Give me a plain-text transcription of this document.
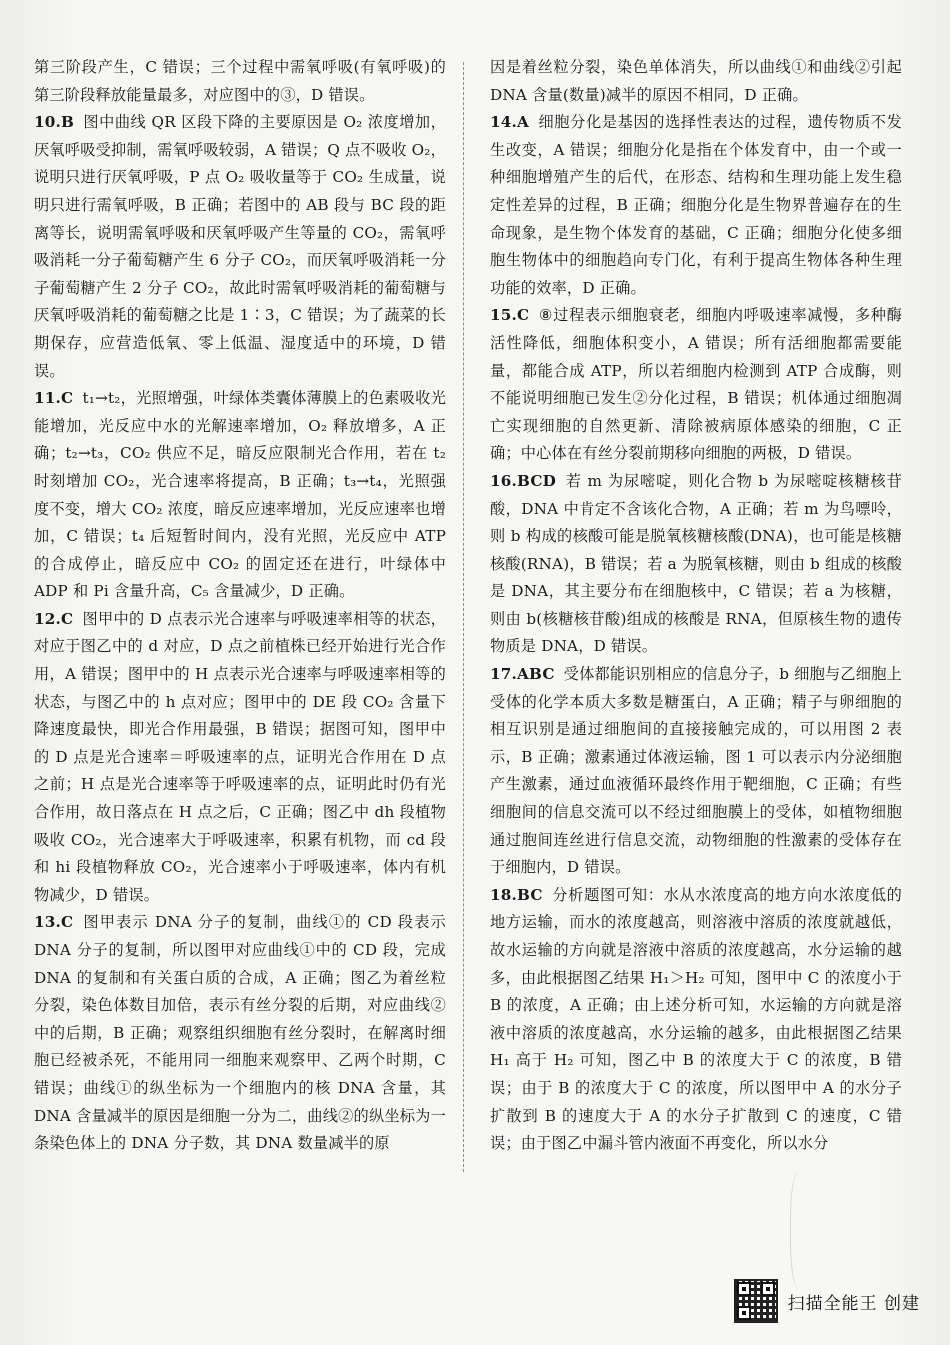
第三阶段产生，C 错误；三个过程中需氧呼吸(有氧呼吸)的第三阶段释放能量最多，对应图中的③，D 错误。

10.B 图中曲线 QR 区段下降的主要原因是 O₂ 浓度增加，厌氧呼吸受抑制，需氧呼吸较弱，A 错误；Q 点不吸收 O₂，说明只进行厌氧呼吸，P 点 O₂ 吸收量等于 CO₂ 生成量，说明只进行需氧呼吸，B 正确；若图中的 AB 段与 BC 段的距离等长，说明需氧呼吸和厌氧呼吸产生等量的 CO₂，需氧呼吸消耗一分子葡萄糖产生 6 分子 CO₂，而厌氧呼吸消耗一分子葡萄糖产生 2 分子 CO₂，故此时需氧呼吸消耗的葡萄糖与厌氧呼吸消耗的葡萄糖之比是 1∶3，C 错误；为了蔬菜的长期保存，应营造低氧、零上低温、湿度适中的环境，D 错误。

11.C t₁→t₂，光照增强，叶绿体类囊体薄膜上的色素吸收光能增加，光反应中水的光解速率增加，O₂ 释放增多，A 正确；t₂→t₃，CO₂ 供应不足，暗反应限制光合作用，若在 t₂ 时刻增加 CO₂，光合速率将提高，B 正确；t₃→t₄，光照强度不变，增大 CO₂ 浓度，暗反应速率增加，光反应速率也增加，C 错误；t₄ 后短暂时间内，没有光照，光反应中 ATP 的合成停止，暗反应中 CO₂ 的固定还在进行，叶绿体中 ADP 和 Pi 含量升高，C₅ 含量减少，D 正确。

12.C 图甲中的 D 点表示光合速率与呼吸速率相等的状态，对应于图乙中的 d 对应，D 点之前植株已经开始进行光合作用，A 错误；图甲中的 H 点表示光合速率与呼吸速率相等的状态，与图乙中的 h 点对应；图甲中的 DE 段 CO₂ 含量下降速度最快，即光合作用最强，B 错误；据图可知，图甲中的 D 点是光合速率＝呼吸速率的点，证明光合作用在 D 点之前；H 点是光合速率等于呼吸速率的点，证明此时仍有光合作用，故日落点在 H 点之后，C 正确；图乙中 dh 段植物吸收 CO₂，光合速率大于呼吸速率，积累有机物，而 cd 段和 hi 段植物释放 CO₂，光合速率小于呼吸速率，体内有机物减少，D 错误。

13.C 图甲表示 DNA 分子的复制，曲线①的 CD 段表示 DNA 分子的复制，所以图甲对应曲线①中的 CD 段，完成 DNA 的复制和有关蛋白质的合成，A 正确；图乙为着丝粒分裂，染色体数目加倍，表示有丝分裂的后期，对应曲线②中的后期，B 正确；观察组织细胞有丝分裂时，在解离时细胞已经被杀死，不能用同一细胞来观察甲、乙两个时期，C 错误；曲线①的纵坐标为一个细胞内的核 DNA 含量，其 DNA 含量减半的原因是细胞一分为二，曲线②的纵坐标为一条染色体上的 DNA 分子数，其 DNA 数量减半的原

因是着丝粒分裂，染色单体消失，所以曲线①和曲线②引起 DNA 含量(数量)减半的原因不相同，D 正确。

14.A 细胞分化是基因的选择性表达的过程，遗传物质不发生改变，A 错误；细胞分化是指在个体发育中，由一个或一种细胞增殖产生的后代，在形态、结构和生理功能上发生稳定性差异的过程，B 正确；细胞分化是生物界普遍存在的生命现象，是生物个体发育的基础，C 正确；细胞分化使多细胞生物体中的细胞趋向专门化，有利于提高生物体各种生理功能的效率，D 正确。

15.C ⑧过程表示细胞衰老，细胞内呼吸速率减慢，多种酶活性降低，细胞体积变小，A 错误；所有活细胞都需要能量，都能合成 ATP，所以若细胞内检测到 ATP 合成酶，则不能说明细胞已发生②分化过程，B 错误；机体通过细胞凋亡实现细胞的自然更新、清除被病原体感染的细胞，C 正确；中心体在有丝分裂前期移向细胞的两极，D 错误。

16.BCD 若 m 为尿嘧啶，则化合物 b 为尿嘧啶核糖核苷酸，DNA 中肯定不含该化合物，A 正确；若 m 为鸟嘌呤，则 b 构成的核酸可能是脱氧核糖核酸(DNA)，也可能是核糖核酸(RNA)，B 错误；若 a 为脱氧核糖，则由 b 组成的核酸是 DNA，其主要分布在细胞核中，C 错误；若 a 为核糖，则由 b(核糖核苷酸)组成的核酸是 RNA，但原核生物的遗传物质是 DNA，D 错误。

17.ABC 受体都能识别相应的信息分子，b 细胞与乙细胞上受体的化学本质大多数是糖蛋白，A 正确；精子与卵细胞的相互识别是通过细胞间的直接接触完成的，可以用图 2 表示，B 正确；激素通过体液运输，图 1 可以表示内分泌细胞产生激素，通过血液循环最终作用于靶细胞，C 正确；有些细胞间的信息交流可以不经过细胞膜上的受体，如植物细胞通过胞间连丝进行信息交流，动物细胞的性激素的受体存在于细胞内，D 错误。

18.BC 分析题图可知：水从水浓度高的地方向水浓度低的地方运输，而水的浓度越高，则溶液中溶质的浓度就越低，故水运输的方向就是溶液中溶质的浓度越高，水分运输的越多，由此根据图乙结果 H₁＞H₂ 可知，图甲中 C 的浓度小于 B 的浓度，A 正确；由上述分析可知，水运输的方向就是溶液中溶质的浓度越高，水分运输的越多，由此根据图乙结果 H₁ 高于 H₂ 可知，图乙中 B 的浓度大于 C 的浓度，B 错误；由于 B 的浓度大于 C 的浓度，所以图甲中 A 的水分子扩散到 B 的速度大于 A 的水分子扩散到 C 的速度，C 错误；由于图乙中漏斗管内液面不再变化，所以水分

扫描全能王 创建
